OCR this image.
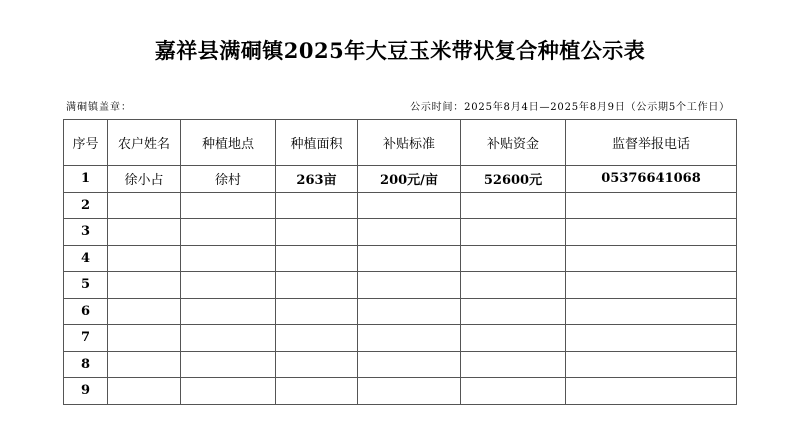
嘉祥县满硐镇2025年大豆玉米带状复合种植公示表
满硐镇盖章：	公示时间：2025年8月4日—2025年8月9日（公示期5个工作日）
序号	农户姓名	种植地点	种植面积	补贴标准	补贴资金	监督举报电话
1	徐小占	徐村	263亩	200元/亩	52600元	05376641068
2						
3						
4						
5						
6						
7						
8						
9						
